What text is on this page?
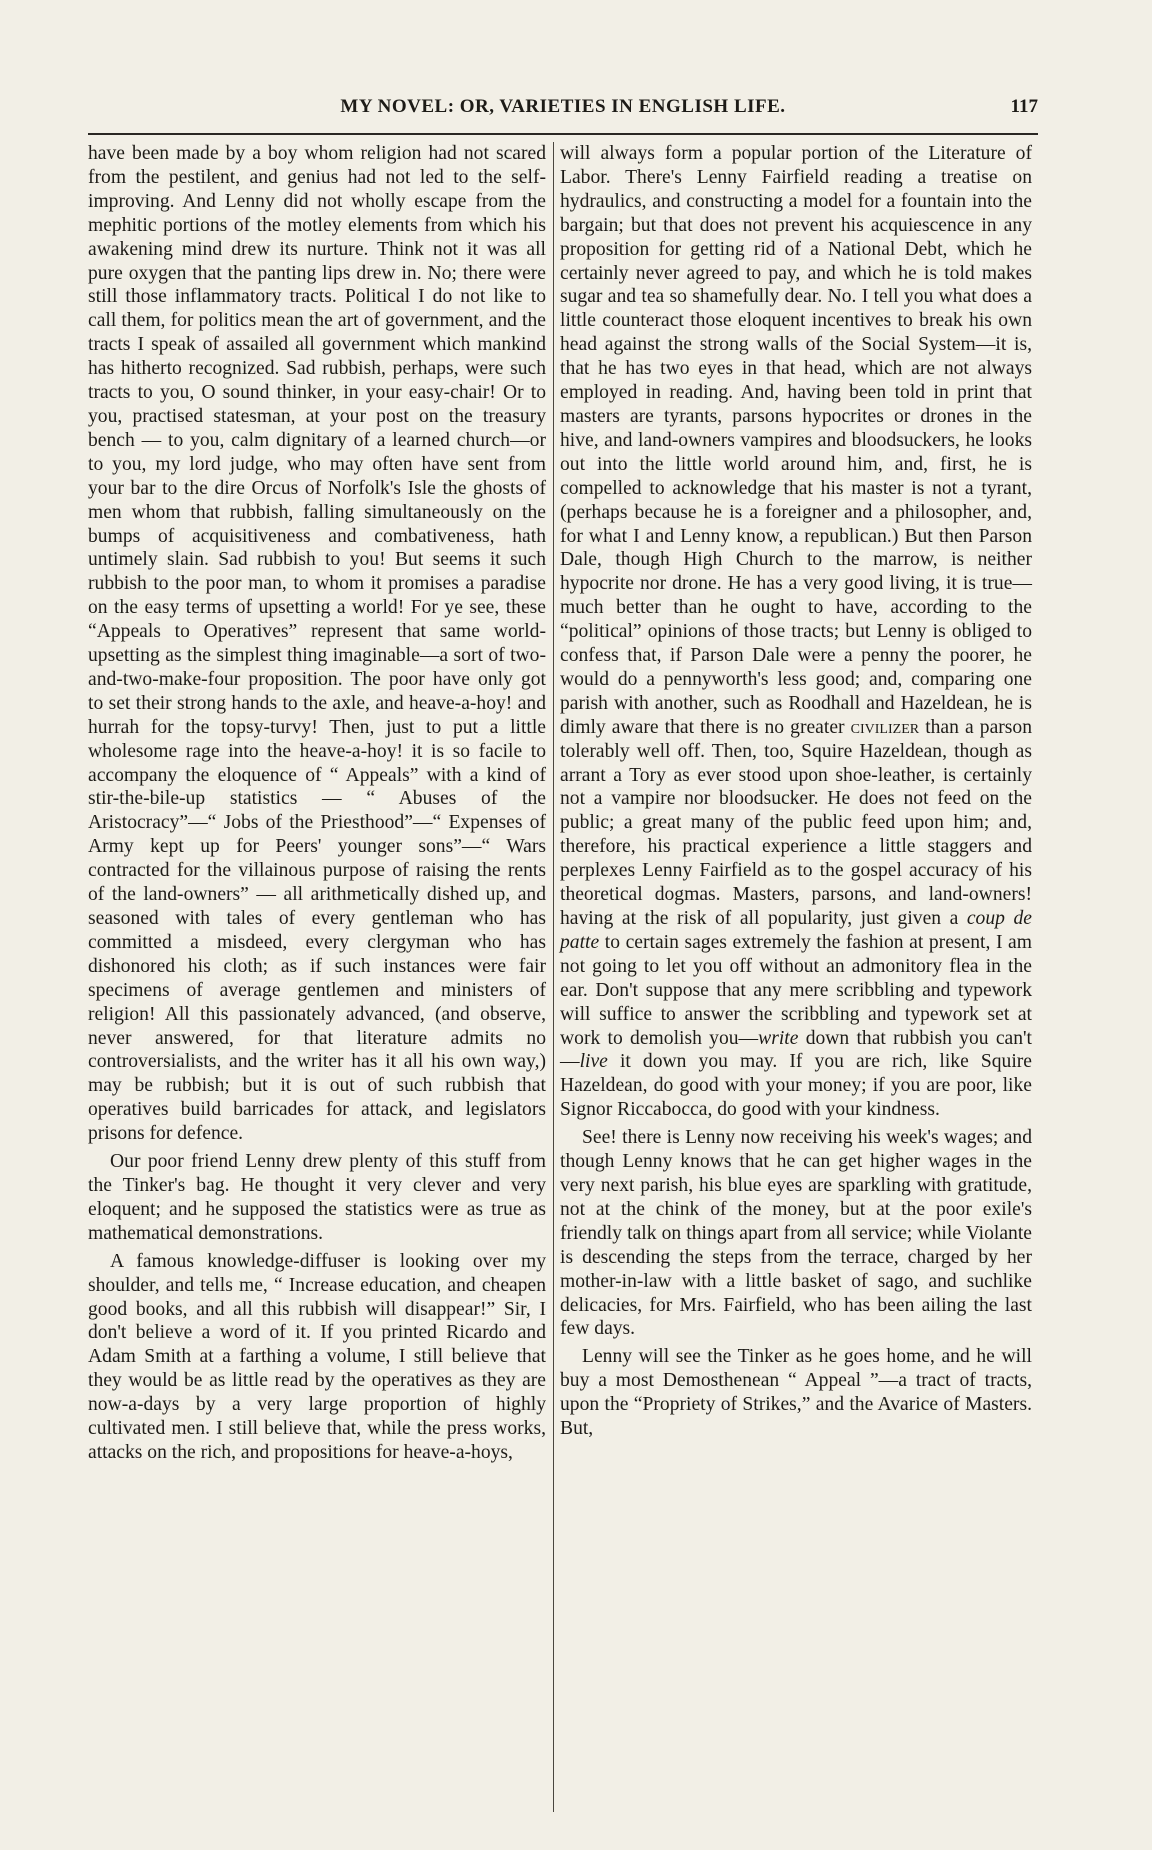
MY NOVEL: OR, VARIETIES IN ENGLISH LIFE.	117

have been made by a boy whom religion had not scared from the pestilent, and genius had not led to the self-improving. And Lenny did not wholly escape from the mephitic portions of the motley elements from which his awakening mind drew its nurture. Think not it was all pure oxygen that the panting lips drew in. No; there were still those inflammatory tracts. Political I do not like to call them, for politics mean the art of government, and the tracts I speak of assailed all government which mankind has hitherto recognized. Sad rubbish, perhaps, were such tracts to you, O sound thinker, in your easy-chair! Or to you, practised statesman, at your post on the treasury bench — to you, calm dignitary of a learned church—or to you, my lord judge, who may often have sent from your bar to the dire Orcus of Norfolk's Isle the ghosts of men whom that rubbish, falling simultaneously on the bumps of acquisitiveness and combativeness, hath untimely slain. Sad rubbish to you! But seems it such rubbish to the poor man, to whom it promises a paradise on the easy terms of upsetting a world! For ye see, these “Appeals to Operatives” represent that same world-upsetting as the simplest thing imaginable—a sort of two-and-two-make-four proposition. The poor have only got to set their strong hands to the axle, and heave-a-hoy! and hurrah for the topsy-turvy! Then, just to put a little wholesome rage into the heave-a-hoy! it is so facile to accompany the eloquence of “ Appeals” with a kind of stir-the-bile-up statistics — “ Abuses of the Aristocracy”—“ Jobs of the Priesthood”—“ Expenses of Army kept up for Peers' younger sons”—“ Wars contracted for the villainous purpose of raising the rents of the land-owners” — all arithmetically dished up, and seasoned with tales of every gentleman who has committed a misdeed, every clergyman who has dishonored his cloth; as if such instances were fair specimens of average gentlemen and ministers of religion! All this passionately advanced, (and observe, never answered, for that literature admits no controversialists, and the writer has it all his own way,) may be rubbish; but it is out of such rubbish that operatives build barricades for attack, and legislators prisons for defence.

Our poor friend Lenny drew plenty of this stuff from the Tinker's bag. He thought it very clever and very eloquent; and he supposed the statistics were as true as mathematical demonstrations.

A famous knowledge-diffuser is looking over my shoulder, and tells me, “ Increase education, and cheapen good books, and all this rubbish will disappear!” Sir, I don't believe a word of it. If you printed Ricardo and Adam Smith at a farthing a volume, I still believe that they would be as little read by the operatives as they are now-a-days by a very large proportion of highly cultivated men. I still believe that, while the press works, attacks on the rich, and propositions for heave-a-hoys,

will always form a popular portion of the Literature of Labor. There's Lenny Fairfield reading a treatise on hydraulics, and constructing a model for a fountain into the bargain; but that does not prevent his acquiescence in any proposition for getting rid of a National Debt, which he certainly never agreed to pay, and which he is told makes sugar and tea so shamefully dear. No. I tell you what does a little counteract those eloquent incentives to break his own head against the strong walls of the Social System—it is, that he has two eyes in that head, which are not always employed in reading. And, having been told in print that masters are tyrants, parsons hypocrites or drones in the hive, and land-owners vampires and bloodsuckers, he looks out into the little world around him, and, first, he is compelled to acknowledge that his master is not a tyrant, (perhaps because he is a foreigner and a philosopher, and, for what I and Lenny know, a republican.) But then Parson Dale, though High Church to the marrow, is neither hypocrite nor drone. He has a very good living, it is true—much better than he ought to have, according to the “political” opinions of those tracts; but Lenny is obliged to confess that, if Parson Dale were a penny the poorer, he would do a pennyworth's less good; and, comparing one parish with another, such as Roodhall and Hazeldean, he is dimly aware that there is no greater civilizer than a parson tolerably well off. Then, too, Squire Hazeldean, though as arrant a Tory as ever stood upon shoe-leather, is certainly not a vampire nor bloodsucker. He does not feed on the public; a great many of the public feed upon him; and, therefore, his practical experience a little staggers and perplexes Lenny Fairfield as to the gospel accuracy of his theoretical dogmas. Masters, parsons, and land-owners! having at the risk of all popularity, just given a coup de patte to certain sages extremely the fashion at present, I am not going to let you off without an admonitory flea in the ear. Don't suppose that any mere scribbling and typework will suffice to answer the scribbling and typework set at work to demolish you—write down that rubbish you can't—live it down you may. If you are rich, like Squire Hazeldean, do good with your money; if you are poor, like Signor Riccabocca, do good with your kindness.

See! there is Lenny now receiving his week's wages; and though Lenny knows that he can get higher wages in the very next parish, his blue eyes are sparkling with gratitude, not at the chink of the money, but at the poor exile's friendly talk on things apart from all service; while Violante is descending the steps from the terrace, charged by her mother-in-law with a little basket of sago, and suchlike delicacies, for Mrs. Fairfield, who has been ailing the last few days.

Lenny will see the Tinker as he goes home, and he will buy a most Demosthenean “ Appeal ”—a tract of tracts, upon the “Propriety of Strikes,” and the Avarice of Masters. But,
